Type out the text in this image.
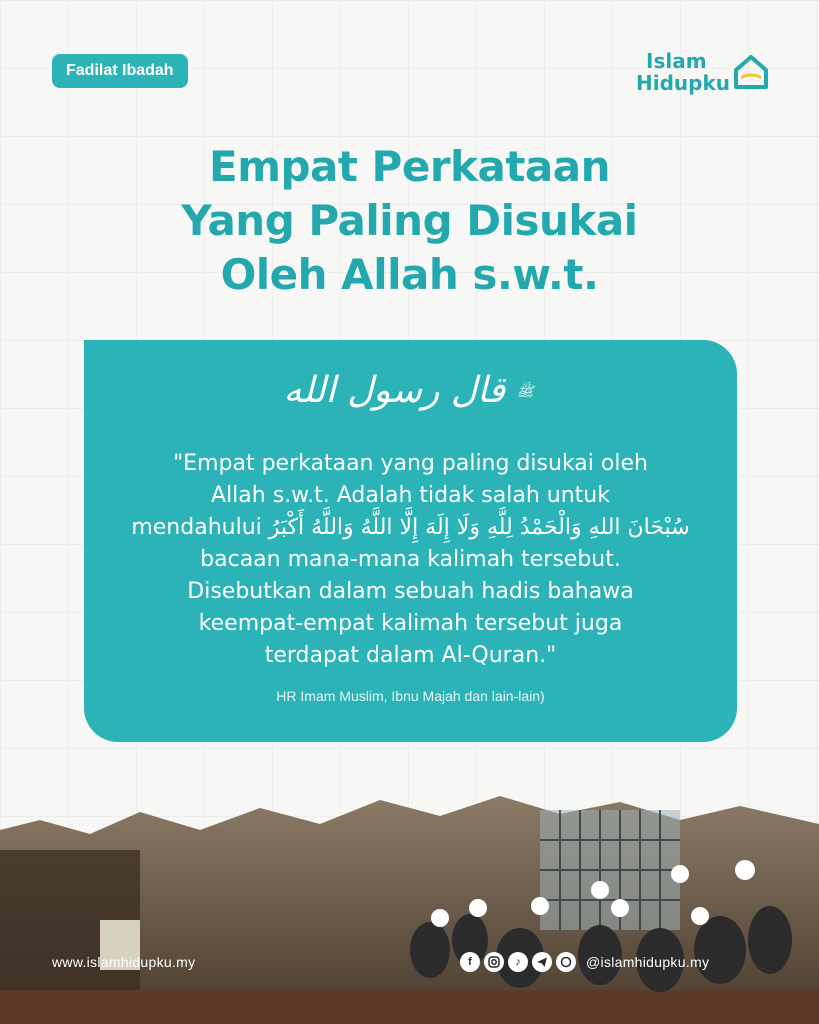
Fadilat Ibadah	Islam
Hidupku
Empat Perkataan
Yang Paling Disukai
Oleh Allah s.w.t.
ﷺ قال رسول الله
"Empat perkataan yang paling disukai oleh
Allah s.w.t. Adalah tidak salah untuk
mendahului سُبْحَانَ اللهِ وَالْحَمْدُ لِلَّهِ وَلَا إِلَهَ إِلَّا اللَّهُ وَاللَّهُ أَكْبَرُ
bacaan mana-mana kalimah tersebut.
Disebutkan dalam sebuah hadis bahawa
keempat-empat kalimah tersebut juga
terdapat dalam Al-Quran."
HR Imam Muslim, Ibnu Majah dan lain-lain)
www.islamhidupku.my	f	♪	@islamhidupku.my
